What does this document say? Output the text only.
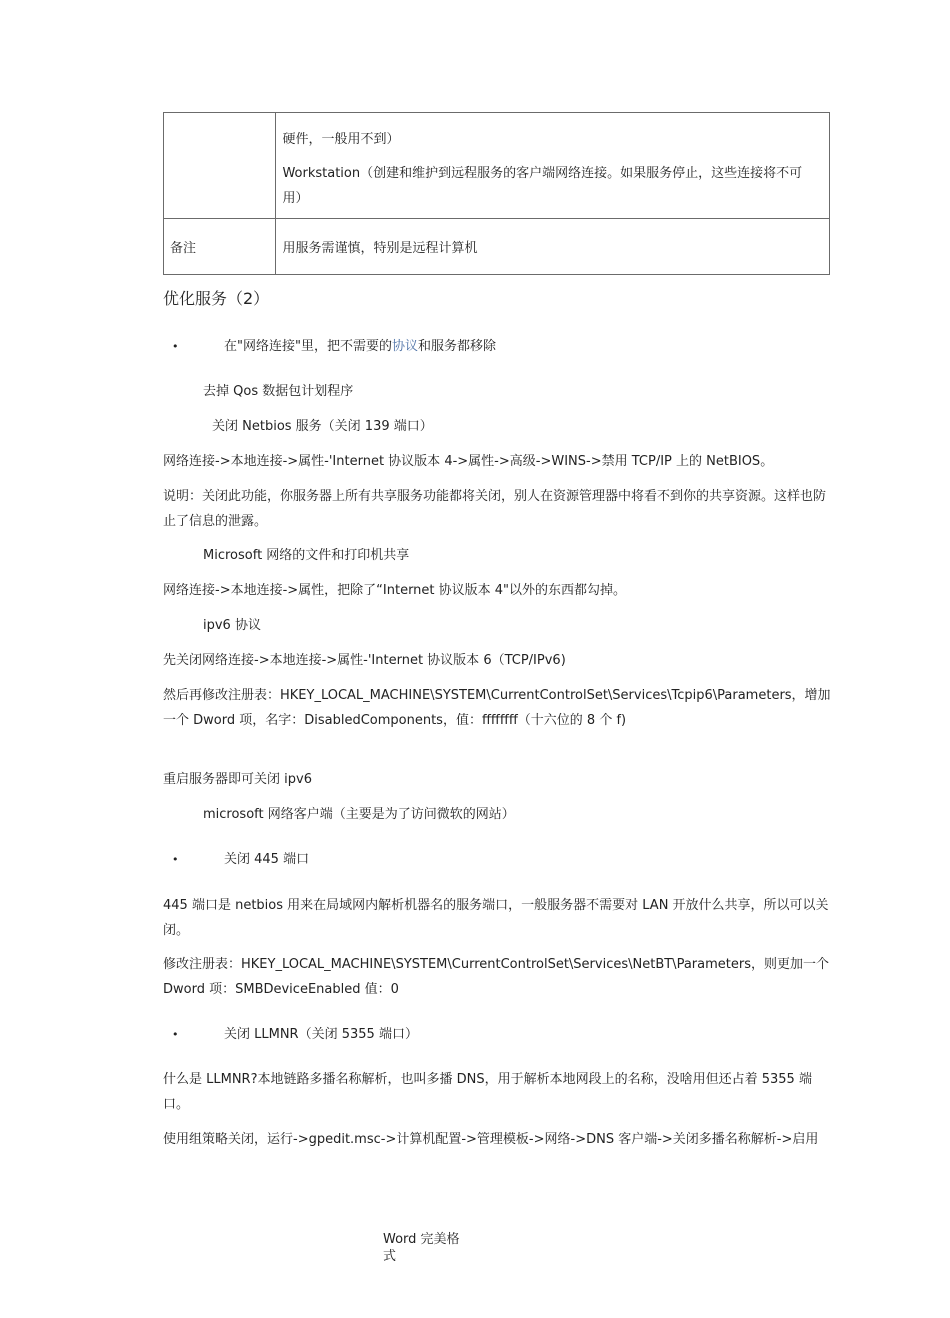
	硬件，一般用不到）

Workstation（创建和维护到远程服务的客户端网络连接。如果服务停止，这些连接将不可用）

备注	用服务需谨慎，特别是远程计算机
优化服务（2）
•	在"网络连接"里，把不需要的协议和服务都移除
去掉 Qos 数据包计划程序
关闭 Netbios 服务（关闭 139 端口）
网络连接->本地连接->属性-'Internet 协议版本 4->属性->高级->WINS->禁用 TCP/IP 上的 NetBIOS。
说明：关闭此功能，你服务器上所有共享服务功能都将关闭，别人在资源管理器中将看不到你的共享资源。这样也防止了信息的泄露。
Microsoft 网络的文件和打印机共享
网络连接->本地连接->属性，把除了“Internet 协议版本 4"以外的东西都勾掉。
ipv6 协议
先关闭网络连接->本地连接->属性-'Internet 协议版本 6（TCP/IPv6)
然后再修改注册表：HKEY_LOCAL_MACHINE\SYSTEM\CurrentControlSet\Services\Tcpip6\Parameters，增加一个 Dword 项，名字：DisabledComponents，值：ffffffff（十六位的 8 个 f)
重启服务器即可关闭 ipv6
microsoft 网络客户端（主要是为了访问微软的网站）
•	关闭 445 端口
445 端口是 netbios 用来在局域网内解析机器名的服务端口，一般服务器不需要对 LAN 开放什么共享，所以可以关闭。
修改注册表：HKEY_LOCAL_MACHINE\SYSTEM\CurrentControlSet\Services\NetBT\Parameters，则更加一个 Dword 项：SMBDeviceEnabled 值：0
•	关闭 LLMNR（关闭 5355 端口）
什么是 LLMNR?本地链路多播名称解析，也叫多播 DNS，用于解析本地网段上的名称，没啥用但还占着 5355 端口。
使用组策略关闭，运行->gpedit.msc->计算机配置->管理模板->网络->DNS 客户端->关闭多播名称解析->启用
Word 完美格式
